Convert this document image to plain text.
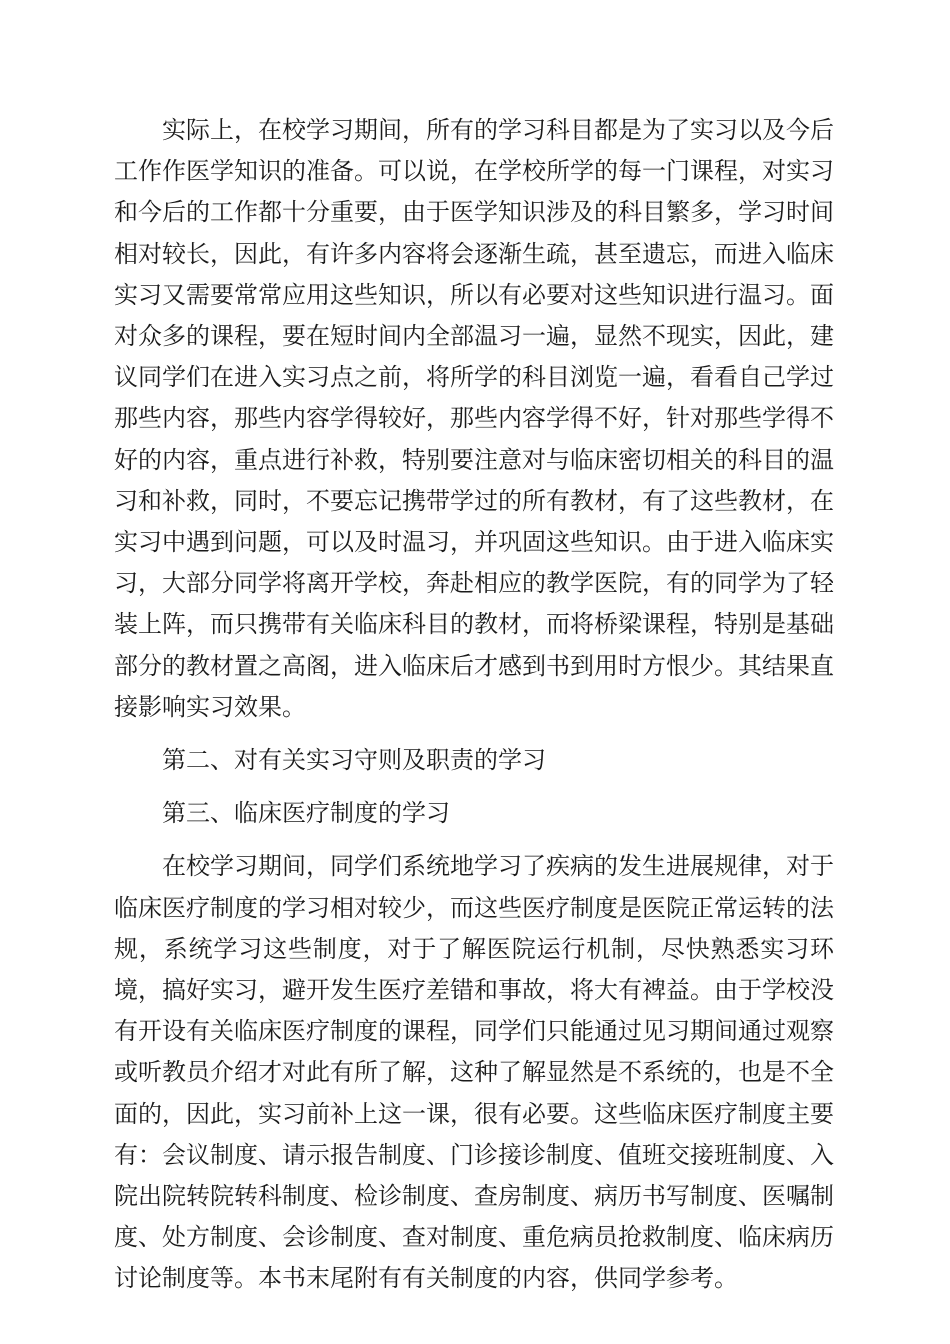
实际上，在校学习期间，所有的学习科目都是为了实习以及今后工作作医学知识的准备。可以说，在学校所学的每一门课程，对实习和今后的工作都十分重要，由于医学知识涉及的科目繁多，学习时间相对较长，因此，有许多内容将会逐渐生疏，甚至遗忘，而进入临床实习又需要常常应用这些知识，所以有必要对这些知识进行温习。面对众多的课程，要在短时间内全部温习一遍，显然不现实，因此，建议同学们在进入实习点之前，将所学的科目浏览一遍，看看自己学过那些内容，那些内容学得较好，那些内容学得不好，针对那些学得不好的内容，重点进行补救，特别要注意对与临床密切相关的科目的温习和补救，同时，不要忘记携带学过的所有教材，有了这些教材，在实习中遇到问题，可以及时温习，并巩固这些知识。由于进入临床实习，大部分同学将离开学校，奔赴相应的教学医院，有的同学为了轻装上阵，而只携带有关临床科目的教材，而将桥梁课程，特别是基础部分的教材置之高阁，进入临床后才感到书到用时方恨少。其结果直接影响实习效果。

第二、对有关实习守则及职责的学习

第三、临床医疗制度的学习

在校学习期间，同学们系统地学习了疾病的发生进展规律，对于临床医疗制度的学习相对较少，而这些医疗制度是医院正常运转的法规，系统学习这些制度，对于了解医院运行机制，尽快熟悉实习环境，搞好实习，避开发生医疗差错和事故，将大有裨益。由于学校没有开设有关临床医疗制度的课程，同学们只能通过见习期间通过观察或听教员介绍才对此有所了解，这种了解显然是不系统的，也是不全面的，因此，实习前补上这一课，很有必要。这些临床医疗制度主要有：会议制度、请示报告制度、门诊接诊制度、值班交接班制度、入院出院转院转科制度、检诊制度、查房制度、病历书写制度、医嘱制度、处方制度、会诊制度、查对制度、重危病员抢救制度、临床病历讨论制度等。本书末尾附有有关制度的内容，供同学参考。
